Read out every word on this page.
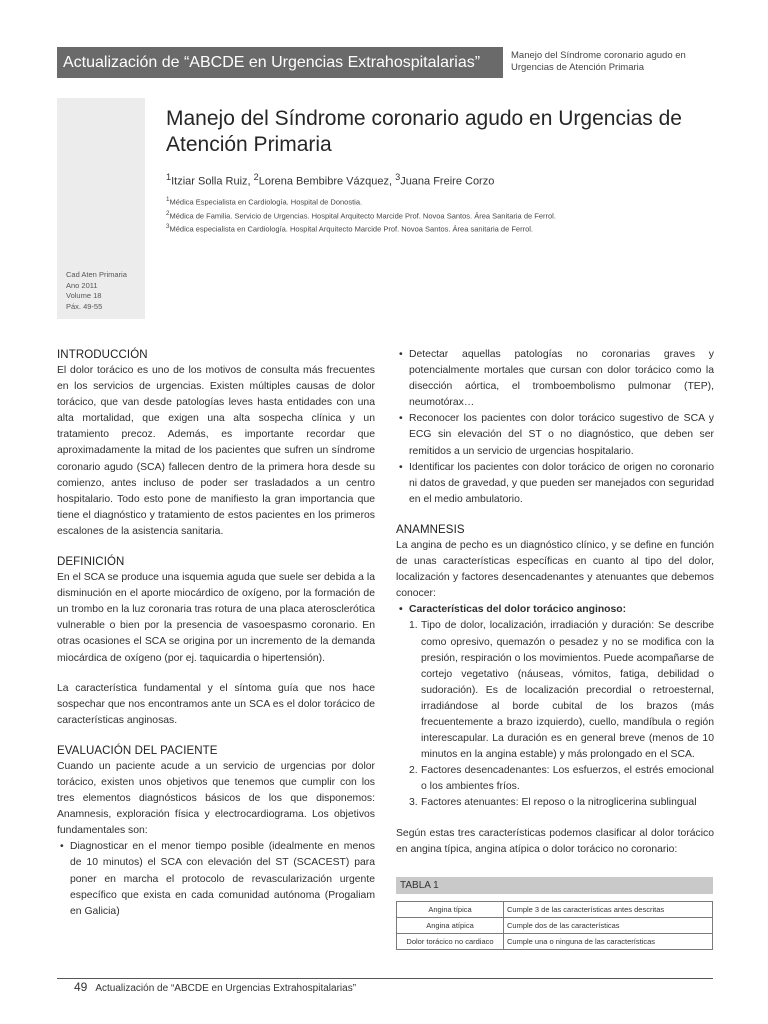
Actualización de “ABCDE en Urgencias Extrahospitalarias”	Manejo del Síndrome coronario agudo en
Urgencias de Atención Primaria
Cad Aten Primaria
Ano 2011
Volume 18
Páx. 49-55
Manejo del Síndrome coronario agudo en Urgencias de
Atención Primaria
$^1$Itziar Solla Ruiz, $^2$Lorena Bembibre Vázquez, $^3$Juana Freire Corzo
$^1$Médica Especialista en Cardiología. Hospital de Donostia.
$^2$Médica de Familia. Servicio de Urgencias. Hospital Arquitecto Marcide Prof. Novoa Santos. Área Sanitaria de Ferrol.
$^3$Médica especialista en Cardiología. Hospital Arquitecto Marcide Prof. Novoa Santos. Área sanitaria de Ferrol.
INTRODUCCIÓN

El dolor torácico es uno de los motivos de consulta más frecuentes en los servicios de urgencias. Existen múltiples causas de dolor torácico, que van desde patologías leves hasta entidades con una alta mortalidad, que exigen una alta sospecha clínica y un tratamiento precoz. Además, es importante recordar que aproximadamente la mitad de los pacientes que sufren un síndrome coronario agudo (SCA) fallecen dentro de la primera hora desde su comienzo, antes incluso de poder ser trasladados a un centro hospitalario. Todo esto pone de manifiesto la gran importancia que tiene el diagnóstico y tratamiento de estos pacientes en los primeros escalones de la asistencia sanitaria.

DEFINICIÓN

En el SCA se produce una isquemia aguda que suele ser debida a la disminución en el aporte miocárdico de oxígeno, por la formación de un trombo en la luz coronaria tras rotura de una placa aterosclerótica vulnerable o bien por la presencia de vasoespasmo coronario. En otras ocasiones el SCA se origina por un incremento de la demanda miocárdica de oxígeno (por ej. taquicardia o hipertensión).

La característica fundamental y el síntoma guía que nos hace sospechar que nos encontramos ante un SCA es el dolor torácico de características anginosas.

EVALUACIÓN DEL PACIENTE

Cuando un paciente acude a un servicio de urgencias por dolor torácico, existen unos objetivos que tenemos que cumplir con los tres elementos diagnósticos básicos de los que disponemos: Anamnesis, exploración física y electrocardiograma. Los objetivos fundamentales son:

• Diagnosticar en el menor tiempo posible (idealmente en menos de 10 minutos) el SCA con elevación del ST (SCACEST) para poner en marcha el protocolo de revascularización urgente específico que exista en cada comunidad autónoma (Progaliam en Galicia)
• Detectar aquellas patologías no coronarias graves y potencialmente mortales que cursan con dolor torácico como la disección aórtica, el tromboembolismo pulmonar (TEP), neumotórax…
• Reconocer los pacientes con dolor torácico sugestivo de SCA y ECG sin elevación del ST o no diagnóstico, que deben ser remitidos a un servicio de urgencias hospitalario.
• Identificar los pacientes con dolor torácico de origen no coronario ni datos de gravedad, y que pueden ser manejados con seguridad en el medio ambulatorio.
ANAMNESIS

La angina de pecho es un diagnóstico clínico, y se define en función de unas características específicas en cuanto al tipo del dolor, localización y factores desencadenantes y atenuantes que debemos conocer:

• Características del dolor torácico anginoso:
1. Tipo de dolor, localización, irradiación y duración: Se describe como opresivo, quemazón o pesadez y no se modifica con la presión, respiración o los movimientos. Puede acompañarse de cortejo vegetativo (náuseas, vómitos, fatiga, debilidad o sudoración). Es de localización precordial o retroesternal, irradiándose al borde cubital de los brazos (más frecuentemente a brazo izquierdo), cuello, mandíbula o región interescapular. La duración es en general breve (menos de 10 minutos en la angina estable) y más prolongado en el SCA.
2. Factores desencadenantes: Los esfuerzos, el estrés emocional o los ambientes fríos.
3. Factores atenuantes: El reposo o la nitroglicerina sublingual

Según estas tres características podemos clasificar al dolor torácico en angina típica, angina atípica o dolor torácico no coronario:

TABLA 1
Angina típica	Cumple 3 de las características antes descritas
Angina atípica	Cumple dos de las características
Dolor torácico no cardiaco	Cumple una o ninguna de las características
49 Actualización de “ABCDE en Urgencias Extrahospitalarias”
